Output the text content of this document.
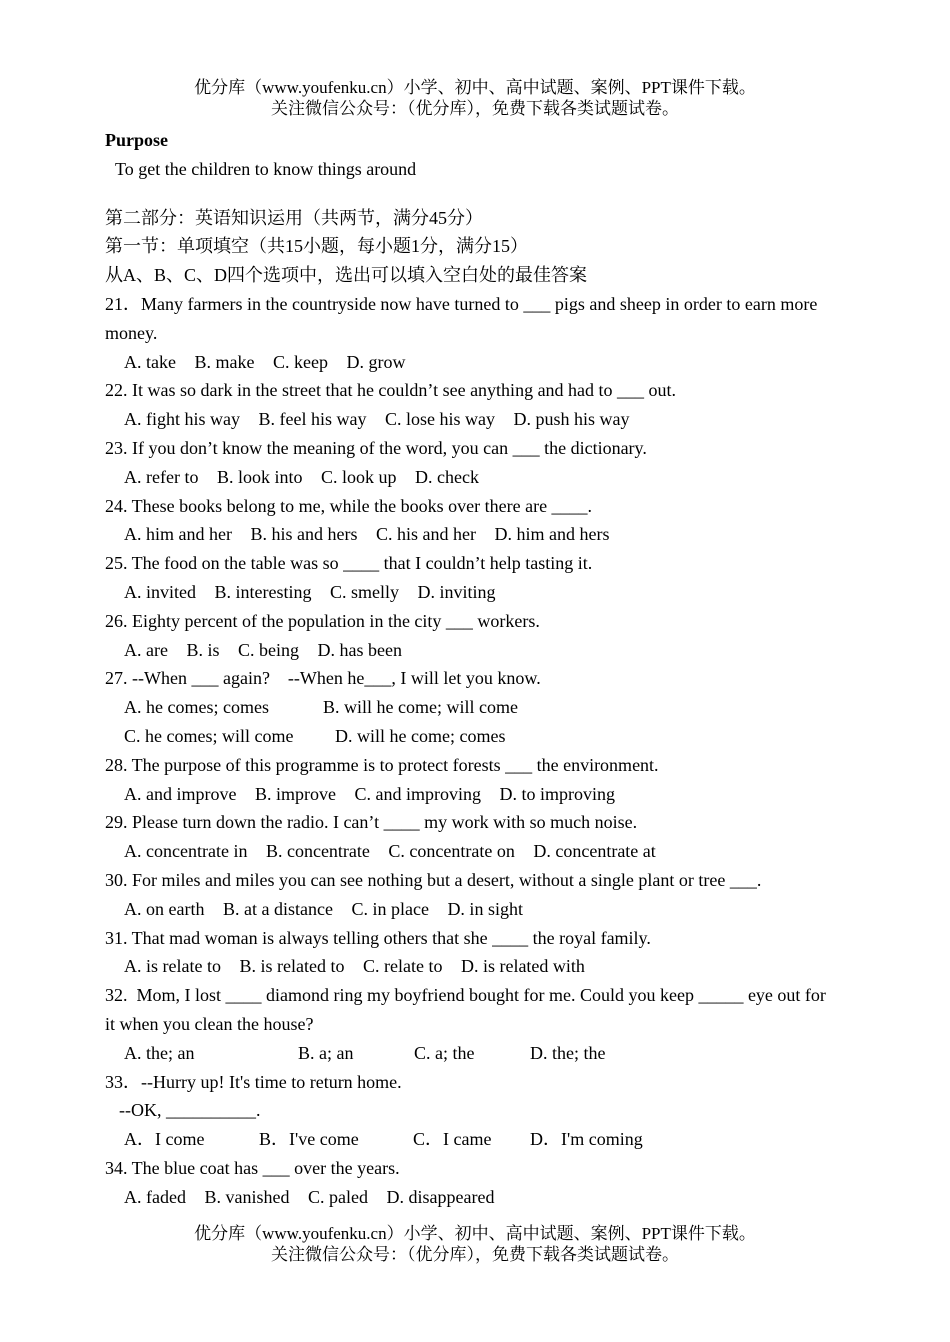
优分库（www.youfenku.cn）小学、初中、高中试题、案例、PPT课件下载。
关注微信公众号：（优分库），免费下载各类试题试卷。
Purpose
To get the children to know things around
第二部分：英语知识运用（共两节，满分45分）
第一节：单项填空（共15小题，每小题1分，满分15）
从A、B、C、D四个选项中，选出可以填入空白处的最佳答案
21．Many farmers in the countryside now have turned to ___ pigs and sheep in order to earn more money.
A. take B. make C. keep D. grow
22. It was so dark in the street that he couldn’t see anything and had to ___ out.
A. fight his way B. feel his way C. lose his way D. push his way
23. If you don’t know the meaning of the word, you can ___ the dictionary.
A. refer to B. look into C. look up D. check
24. These books belong to me, while the books over there are ____.
A. him and her B. his and hers C. his and her D. him and hers
25. The food on the table was so ____ that I couldn’t help tasting it.
A. invited B. interesting C. smelly D. inviting
26. Eighty percent of the population in the city ___ workers.
A. are B. is C. being D. has been
27. --When ___ again?    --When he___, I will let you know.
A. he comes; comes	B. will he come; will come
C. he comes; will come	D. will he come; comes
28. The purpose of this programme is to protect forests ___ the environment.
A. and improve B. improve C. and improving D. to improving
29. Please turn down the radio. I can’t ____ my work with so much noise.
A. concentrate in B. concentrate C. concentrate on D. concentrate at
30. For miles and miles you can see nothing but a desert, without a single plant or tree ___.
A. on earth B. at a distance C. in place D. in sight
31. That mad woman is always telling others that she ____ the royal family.
A. is relate to B. is related to C. relate to D. is related with
32.  Mom, I lost ____ diamond ring my boyfriend bought for me. Could you keep _____ eye out for it when you clean the house?
A. the; an	B. a; an	C. a; the	D. the; the
33．--Hurry up! It's time to return home.
--OK, __________.
A．I come	B．I've come	C．I came	D．I'm coming
34. The blue coat has ___ over the years.
A. faded B. vanished C. paled D. disappeared
优分库（www.youfenku.cn）小学、初中、高中试题、案例、PPT课件下载。
关注微信公众号：（优分库），免费下载各类试题试卷。
